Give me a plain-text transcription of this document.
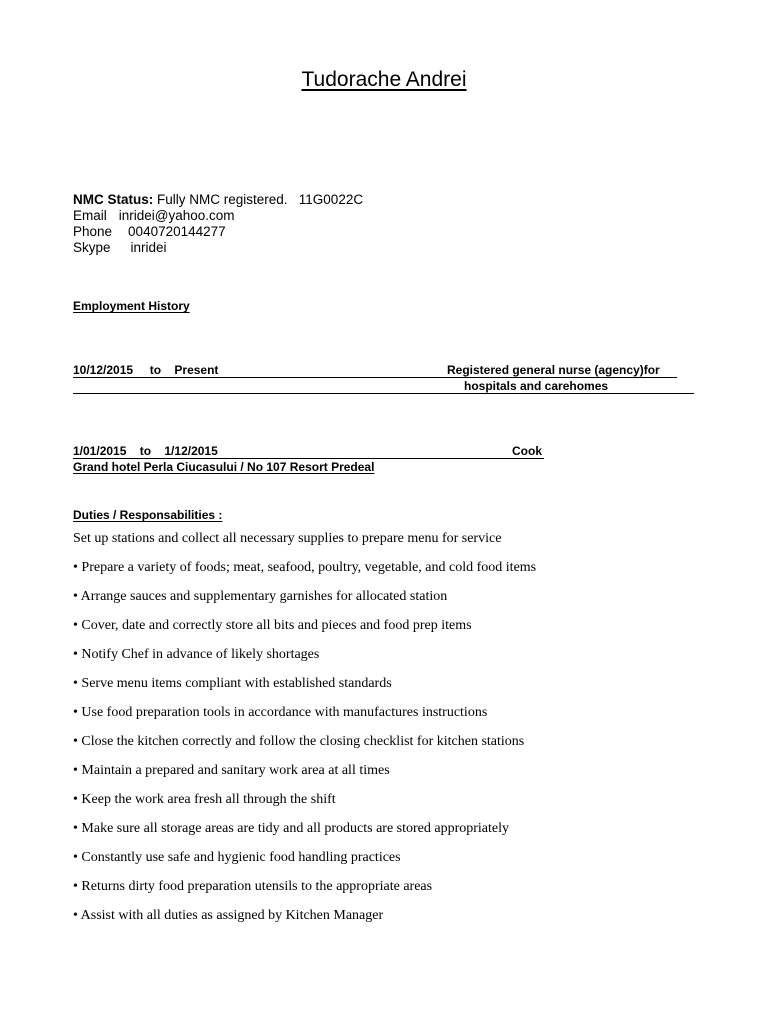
Tudorache Andrei
NMC Status: Fully NMC registered.   11G0022C
Email inridei@yahoo.com
Phone 0040720144277
Skype inridei
Employment History
10/12/2015     to    Present	Registered general nurse (agency)for
hospitals and carehomes
1/01/2015    to    1/12/2015	Cook
Grand hotel Perla Ciucasului / No 107 Resort Predeal
Duties / Responsabilities :
Set up stations and collect all necessary supplies to prepare menu for service
• Prepare a variety of foods; meat, seafood, poultry, vegetable, and cold food items
• Arrange sauces and supplementary garnishes for allocated station
• Cover, date and correctly store all bits and pieces and food prep items
• Notify Chef in advance of likely shortages
• Serve menu items compliant with established standards
• Use food preparation tools in accordance with manufactures instructions
• Close the kitchen correctly and follow the closing checklist for kitchen stations
• Maintain a prepared and sanitary work area at all times
• Keep the work area fresh all through the shift
• Make sure all storage areas are tidy and all products are stored appropriately
• Constantly use safe and hygienic food handling practices
• Returns dirty food preparation utensils to the appropriate areas
• Assist with all duties as assigned by Kitchen Manager
